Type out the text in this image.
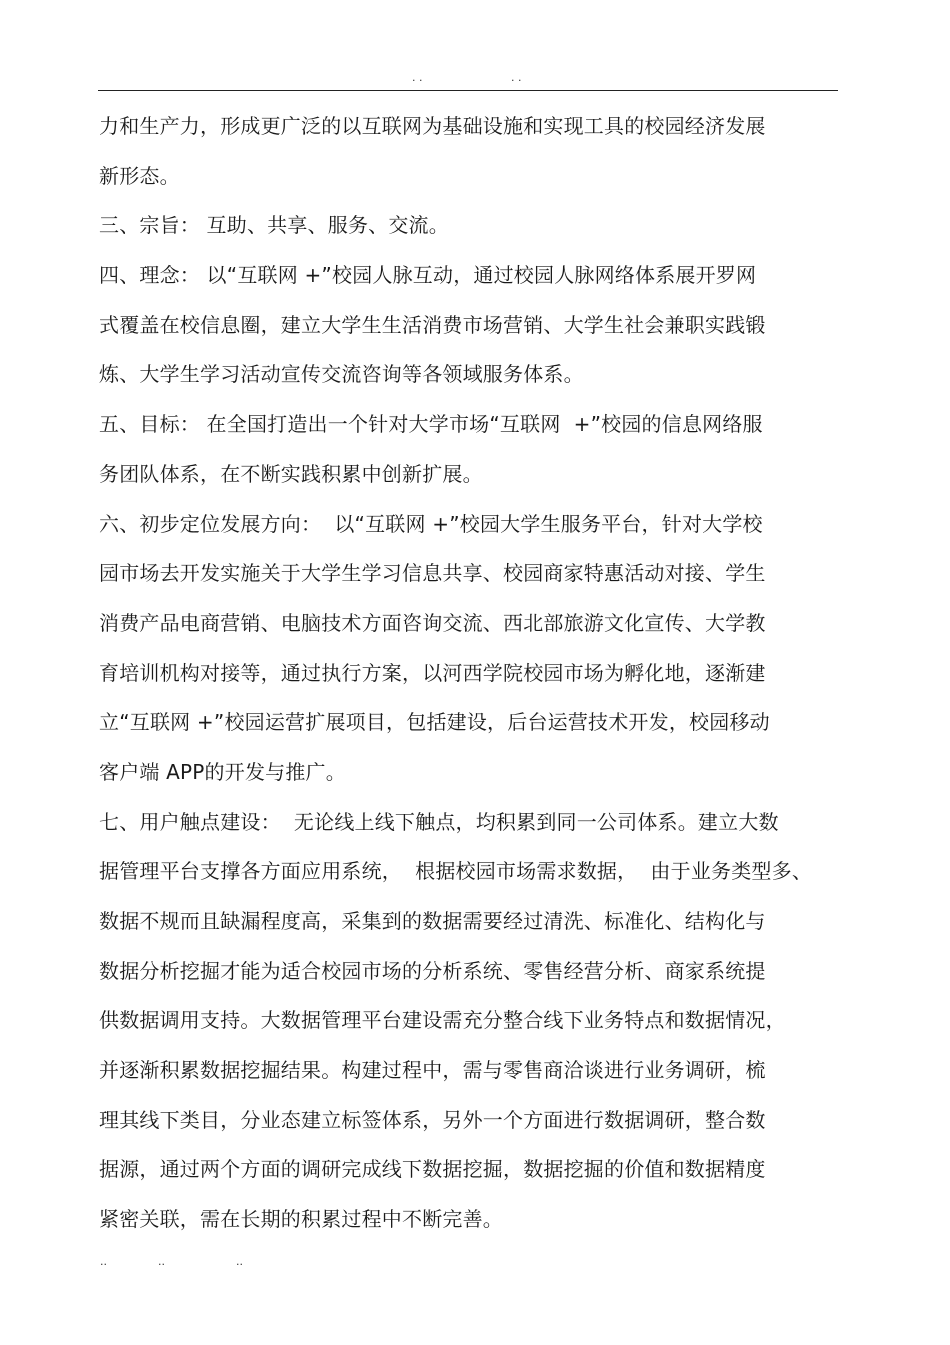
. .	. .
力和生产力，形成更广泛的以互联网为基础设施和实现工具的校园经济发展
新形态。
三、宗旨： 互助、共享、服务、交流。
四、理念： 以“互联网 +”校园人脉互动，通过校园人脉网络体系展开罗网
式覆盖在校信息圈，建立大学生生活消费市场营销、大学生社会兼职实践锻
炼、大学生学习活动宣传交流咨询等各领域服务体系。
五、目标： 在全国打造出一个针对大学市场“互联网  +”校园的信息网络服
务团队体系，在不断实践积累中创新扩展。
六、初步定位发展方向：  以“互联网 +”校园大学生服务平台，针对大学校
园市场去开发实施关于大学生学习信息共享、校园商家特惠活动对接、学生
消费产品电商营销、电脑技术方面咨询交流、西北部旅游文化宣传、大学教
育培训机构对接等，通过执行方案，以河西学院校园市场为孵化地，逐渐建
立“互联网 +”校园运营扩展项目，包括建设，后台运营技术开发，校园移动
客户端 APP的开发与推广。
七、用户触点建设：  无论线上线下触点，均积累到同一公司体系。建立大数
据管理平台支撑各方面应用系统，  根据校园市场需求数据，  由于业务类型多、
数据不规而且缺漏程度高，采集到的数据需要经过清洗、标准化、结构化与
数据分析挖掘才能为适合校园市场的分析系统、零售经营分析、商家系统提
供数据调用支持。大数据管理平台建设需充分整合线下业务特点和数据情况，
并逐渐积累数据挖掘结果。构建过程中，需与零售商洽谈进行业务调研，梳
理其线下类目，分业态建立标签体系，另外一个方面进行数据调研，整合数
据源，通过两个方面的调研完成线下数据挖掘，数据挖掘的价值和数据精度
紧密关联，需在长期的积累过程中不断完善。
..	..	..
